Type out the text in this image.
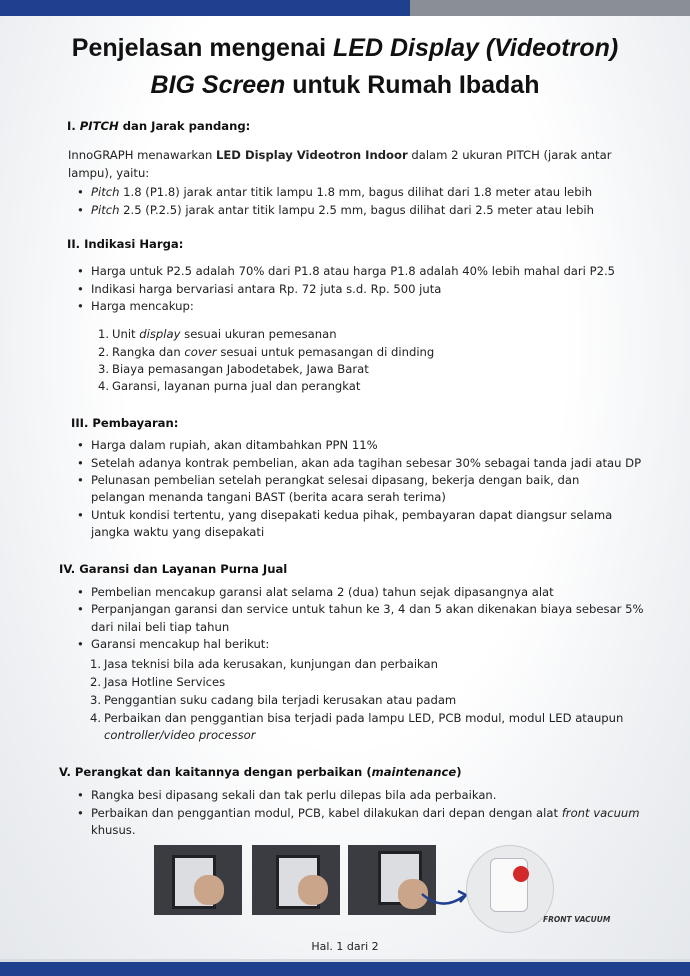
Penjelasan mengenai LED Display (Videotron)
BIG Screen untuk Rumah Ibadah
I. PITCH dan Jarak pandang:
InnoGRAPH menawarkan LED Display Videotron Indoor dalam 2 ukuran PITCH (jarak antar
lampu), yaitu:
• Pitch 1.8 (P1.8) jarak antar titik lampu 1.8 mm, bagus dilihat dari 1.8 meter atau lebih
• Pitch 2.5 (P.2.5) jarak antar titik lampu 2.5 mm, bagus dilihat dari 2.5 meter atau lebih
II. Indikasi Harga:
• Harga untuk P2.5 adalah 70% dari P1.8 atau harga P1.8 adalah 40% lebih mahal dari P2.5
• Indikasi harga bervariasi antara Rp. 72 juta s.d. Rp. 500 juta
• Harga mencakup:
1. Unit display sesuai ukuran pemesanan
2. Rangka dan cover sesuai untuk pemasangan di dinding
3. Biaya pemasangan Jabodetabek, Jawa Barat
4. Garansi, layanan purna jual dan perangkat
III. Pembayaran:
• Harga dalam rupiah, akan ditambahkan PPN 11%
• Setelah adanya kontrak pembelian, akan ada tagihan sebesar 30% sebagai tanda jadi atau DP
• Pelunasan pembelian setelah perangkat selesai dipasang, bekerja dengan baik, dan
pelangan menanda tangani BAST (berita acara serah terima)
• Untuk kondisi tertentu, yang disepakati kedua pihak, pembayaran dapat diangsur selama
jangka waktu yang disepakati
IV. Garansi dan Layanan Purna Jual
• Pembelian mencakup garansi alat selama 2 (dua) tahun sejak dipasangnya alat
• Perpanjangan garansi dan service untuk tahun ke 3, 4 dan 5 akan dikenakan biaya sebesar 5%
dari nilai beli tiap tahun
• Garansi mencakup hal berikut:
1. Jasa teknisi bila ada kerusakan, kunjungan dan perbaikan
2. Jasa Hotline Services
3. Penggantian suku cadang bila terjadi kerusakan atau padam
4. Perbaikan dan penggantian bisa terjadi pada lampu LED, PCB modul, modul LED ataupun
controller/video processor
V. Perangkat dan kaitannya dengan perbaikan (maintenance)
• Rangka besi dipasang sekali dan tak perlu dilepas bila ada perbaikan.
• Perbaikan dan penggantian modul, PCB, kabel dilakukan dari depan dengan alat front vacuum
khusus.
FRONT VACUUM
Hal. 1 dari 2
